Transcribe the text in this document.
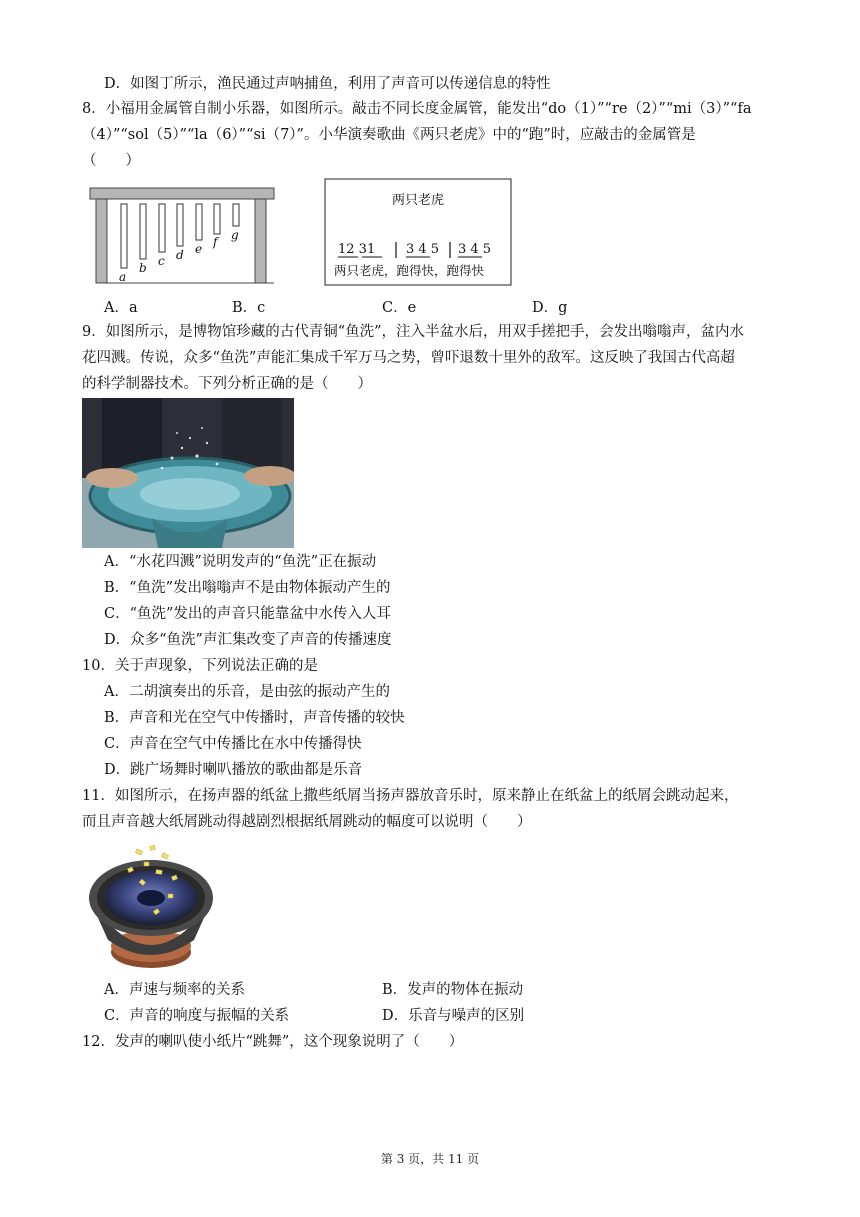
D．如图丁所示，渔民通过声呐捕鱼，利用了声音可以传递信息的特性
8．小福用金属管自制小乐器，如图所示。敲击不同长度金属管，能发出“do（1）”“re（2）”“mi（3）”“fa
（4）”“sol（5）”“la（6）”“si（7）”。小华演奏歌曲《两只老虎》中的“跑”时，应敲击的金属管是
（　　）
a
b c d e f g
两只老虎
12 31 3 4 5 3 4 5
两只老虎，跑得快，跑得快
A．a	B．c	C．e	D．g
9．如图所示，是博物馆珍藏的古代青铜“鱼洗”，注入半盆水后，用双手搓把手，会发出嗡嗡声，盆内水
花四溅。传说，众多“鱼洗”声能汇集成千军万马之势，曾吓退数十里外的敌军。这反映了我国古代高超
的科学制器技术。下列分析正确的是（　　）
A．“水花四溅”说明发声的“鱼洗”正在振动
B．“鱼洗”发出嗡嗡声不是由物体振动产生的
C．“鱼洗”发出的声音只能靠盆中水传入人耳
D．众多“鱼洗”声汇集改变了声音的传播速度
10．关于声现象，下列说法正确的是
A．二胡演奏出的乐音，是由弦的振动产生的
B．声音和光在空气中传播时，声音传播的较快
C．声音在空气中传播比在水中传播得快
D．跳广场舞时喇叭播放的歌曲都是乐音
11．如图所示，在扬声器的纸盆上撒些纸屑当扬声器放音乐时，原来静止在纸盆上的纸屑会跳动起来，
而且声音越大纸屑跳动得越剧烈根据纸屑跳动的幅度可以说明（　　）
A．声速与频率的关系	B．发声的物体在振动
C．声音的响度与振幅的关系	D．乐音与噪声的区别
12．发声的喇叭使小纸片“跳舞”，这个现象说明了（　　）
第 3 页，共 11 页
